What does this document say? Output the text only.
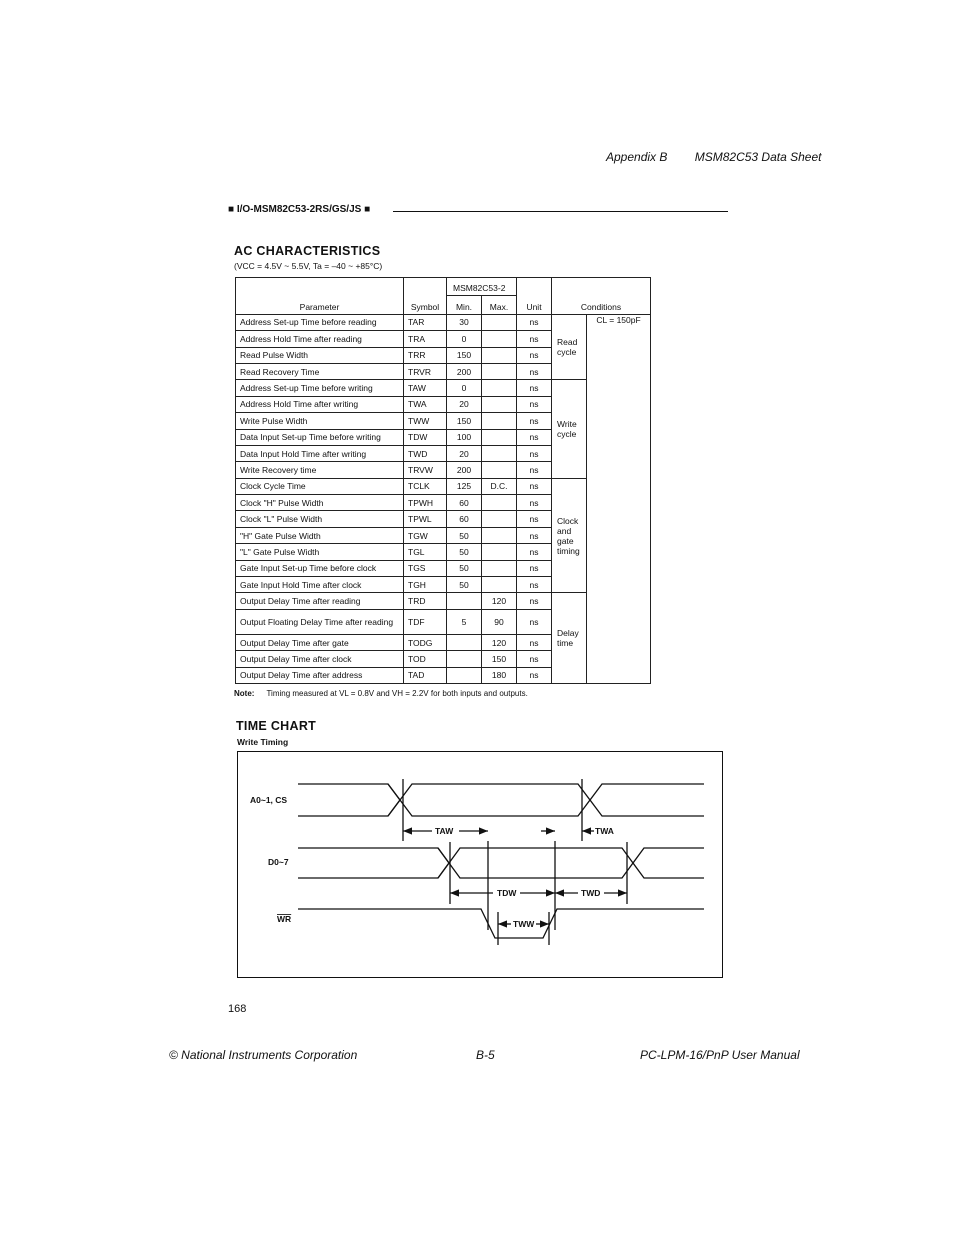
Appendix B MSM82C53 Data Sheet
■ I/O-MSM82C53-2RS/GS/JS ■
AC CHARACTERISTICS
(VCC = 4.5V ~ 5.5V, Ta = –40 ~ +85°C)
Parameter	Symbol	MSM82C53-2		Unit	Conditions	
		Min.	Max.			
Address Set-up Time before reading	TAR	30		ns	Read cycle	CL = 150pF
Address Hold Time after reading	TRA	0		ns		
Read Pulse Width	TRR	150		ns		
Read Recovery Time	TRVR	200		ns		
Address Set-up Time before writing	TAW	0		ns	Write cycle	
Address Hold Time after writing	TWA	20		ns		
Write Pulse Width	TWW	150		ns		
Data Input Set-up Time before writing	TDW	100		ns		
Data Input Hold Time after writing	TWD	20		ns		
Write Recovery time	TRVW	200		ns		
Clock Cycle Time	TCLK	125	D.C.	ns	Clock and gate timing	
Clock "H" Pulse Width	TPWH	60		ns		
Clock "L" Pulse Width	TPWL	60		ns		
"H" Gate Pulse Width	TGW	50		ns		
"L" Gate Pulse Width	TGL	50		ns		
Gate Input Set-up Time before clock	TGS	50		ns		
Gate Input Hold Time after clock	TGH	50		ns		
Output Delay Time after reading	TRD		120	ns	Delay time	
Output Floating Delay Time after reading	TDF	5	90	ns		
Output Delay Time after gate	TODG		120	ns		
Output Delay Time after clock	TOD		150	ns		
Output Delay Time after address	TAD		180	ns		
Note: Timing measured at VL = 0.8V and VH = 2.2V for both inputs and outputs.
TIME CHART
Write Timing
A0~1, CS
D0~7
WR
TAW	TWA
TDW	TWD
TWW
168
© National Instruments Corporation	B-5	PC-LPM-16/PnP User Manual
